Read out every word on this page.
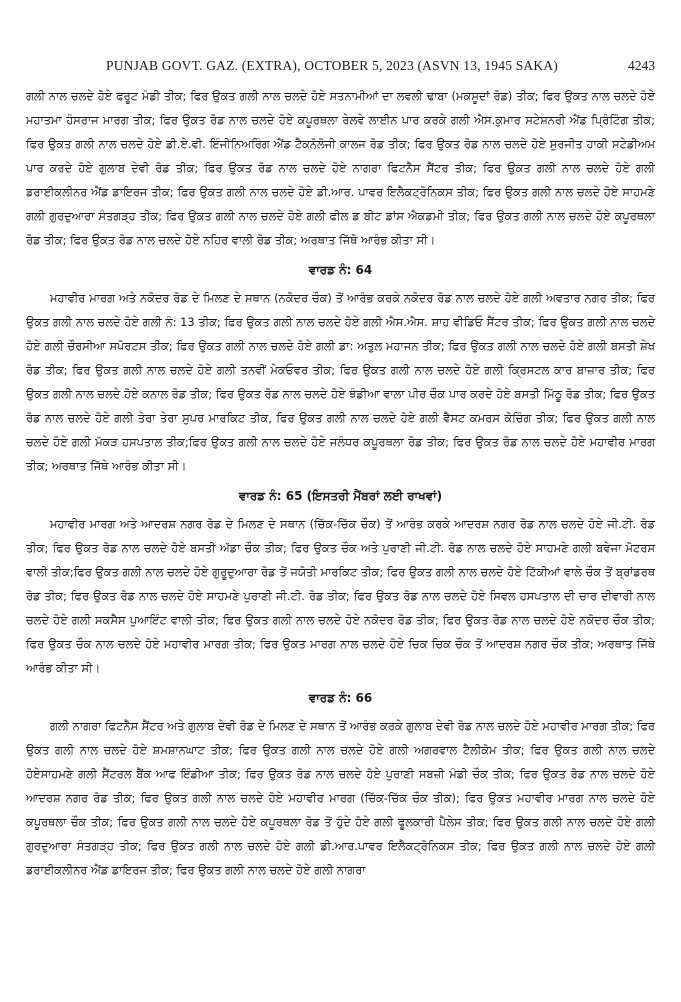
PUNJAB GOVT. GAZ. (EXTRA), OCTOBER 5, 2023 (ASVN 13, 1945 SAKA)	4243

ਗਲੀ ਨਾਲ ਚਲਦੇ ਹੋਏ ਫਰੂਟ ਮੰਡੀ ਤੀਕ; ਫਿਰ ਉਕਤ ਗਲੀ ਨਾਲ ਚਲਦੇ ਹੋਏ ਸਤਨਾਮੀਆਂ ਦਾ ਲਵਲੀ ਢਾਬਾ (ਮਕਸੂਦਾਂ ਰੋਡ) ਤੀਕ; ਫਿਰ ਉਕਤ ਨਾਲ ਚਲਦੇ ਹੋਏ ਮਹਾਤਮਾ ਹੰਸਰਾਜ ਮਾਰਗ ਤੀਕ; ਫਿਰ ਉਕਤ ਰੋਡ ਨਾਲ ਚਲਦੇ ਹੋਏ ਕਪੂਰਥਲਾ ਰੇਲਵੇ ਲਾਈਨ ਪਾਰ ਕਰਕੇ ਗਲੀ ਐਸ.ਕੁਮਾਰ ਸਟੇਸ਼ਨਰੀ ਐਂਡ ਪ੍ਰਿੰਟਿੰਗ ਤੀਕ; ਫਿਰ ਉਕਤ ਗਲੀ ਨਾਲ ਚਲਦੇ ਹੋਏ ਡੀ.ਏ.ਵੀ. ਇੰਜੀਨਿਅਰਿੰਗ ਐਂਡ ਟੈਕਨੋਲੋਜੀ ਕਾਲਜ ਰੋਡ ਤੀਕ; ਫਿਰ ਉਕਤ ਰੋਡ ਨਾਲ ਚਲਦੇ ਹੋਏ ਸੁਰਜੀਤ ਹਾਕੀ ਸਟੇਡੀਅਮ ਪਾਰ ਕਰਦੇ ਹੋਏ ਗੁਲਾਬ ਦੇਵੀ ਰੋਡ ਤੀਕ; ਫਿਰ ਉਕਤ ਰੋਡ ਨਾਲ ਚਲਦੇ ਹੋਏ ਨਾਗਰਾ ਫਿਟਨੈਸ ਸੈਂਟਰ ਤੀਕ; ਫਿਰ ਉਕਤ ਗਲੀ ਨਾਲ ਚਲਦੇ ਹੋਏ ਗਲੀ ਡਰਾਈਕਲੀਨਰ ਐਂਡ ਡਾਇਰਜ ਤੀਕ; ਫਿਰ ਉਕਤ ਗਲੀ ਨਾਲ ਚਲਦੇ ਹੋਏ ਡੀ.ਆਰ. ਪਾਵਰ ਇਲੈਕਟ੍ਰੋਨਿਕਸ ਤੀਕ; ਫਿਰ ਉਕਤ ਗਲੀ ਨਾਲ ਚਲਦੇ ਹੋਏ ਸਾਹਮਣੇ ਗਲੀ ਗੁਰਦੁਆਰਾ ਸੰਤਗੜ੍ਹ ਤੀਕ; ਫਿਰ ਉਕਤ ਗਲੀ ਨਾਲ ਚਲਦੇ ਹੋਏ ਗਲੀ ਫੀਲ ਡ ਬੀਟ ਡਾਂਸ ਐਕਡਮੀ ਤੀਕ; ਫਿਰ ਉਕਤ ਗਲੀ ਨਾਲ ਚਲਦੇ ਹੋਏ ਕਪੂਰਥਲਾ ਰੋਡ ਤੀਕ; ਫਿਰ ਉਕਤ ਰੋਡ ਨਾਲ ਚਲਦੇ ਹੋਏ ਨਹਿਰ ਵਾਲੀ ਰੋਡ ਤੀਕ; ਅਰਥਾਤ ਜਿੱਥੋ ਆਰੰਭ ਕੀਤਾ ਸੀ।

ਵਾਰਡ ਨੰ: 64

ਮਹਾਵੀਰ ਮਾਰਗ ਅਤੇ ਨਕੋਦਰ ਰੋਡ ਦੇ ਮਿਲਣ ਦੇ ਸਥਾਨ (ਨਕੋਦਰ ਚੌਕ) ਤੋਂ ਆਰੰਭ ਕਰਕੇ ਨਕੋਦਰ ਰੋਡ ਨਾਲ ਚਲਦੇ ਹੋਏ ਗਲੀ ਅਵਤਾਰ ਨਗਰ ਤੀਕ; ਫਿਰ ਉਕਤ ਗਲੀ ਨਾਲ ਚਲਦੇ ਹੋਏ ਗਲੀ ਨੰ: 13 ਤੀਕ; ਫਿਰ ਉਕਤ ਗਲੀ ਨਾਲ ਚਲਦੇ ਹੋਏ ਗਲੀ ਐਸ.ਐਸ. ਸ਼ਾਹ ਵੀਡਿਓ ਸੈਂਟਰ ਤੀਕ; ਫਿਰ ਉਕਤ ਗਲੀ ਨਾਲ ਚਲਦੇ ਹੋਏ ਗਲੀ ਚੌਰਸੀਆ ਸਪੋਰਟਸ ਤੀਕ; ਫਿਰ ਉਕਤ ਗਲੀ ਨਾਲ ਚਲਦੇ ਹੋਏ ਗਲੀ ਡਾ: ਅਤੁਲ ਮਹਾਜਨ ਤੀਕ; ਫਿਰ ਉਕਤ ਗਲੀ ਨਾਲ ਚਲਦੇ ਹੋਏ ਗਲੀ ਬਸਤੀ ਸ਼ੇਖ ਰੋਡ ਤੀਕ; ਫਿਰ ਉਕਤ ਗਲੀ ਨਾਲ ਚਲਦੇ ਹੋਏ ਗਲੀ ਤਨਵੀਂ ਮੇਕਓਵਰ ਤੀਕ; ਫਿਰ ਉਕਤ ਗਲੀ ਨਾਲ ਚਲਦੇ ਹੋਏ ਗਲੀ ਕ੍ਰਿਸਟਲ ਕਾਰ ਬਾਜ਼ਾਰ ਤੀਕ; ਫਿਰ ਉਕਤ ਗਲੀ ਨਾਲ ਚਲਦੇ ਹੋਏ ਕਨਾਲ ਰੋਡ ਤੀਕ; ਫਿਰ ਉਕਤ ਰੋਡ ਨਾਲ ਚਲਦੇ ਹੋਏ ਝੰਡੀਆ ਵਾਲਾ ਪੀਰ ਚੌਕ ਪਾਰ ਕਰਦੇ ਹੋਏ ਬਸਤੀ ਮਿੱਠੂ ਰੋਡ ਤੀਕ; ਫਿਰ ਉਕਤ ਰੋਡ ਨਾਲ ਚਲਦੇ ਹੋਏ ਗਲੀ ਤੇਰਾ ਤੇਰਾ ਸੁਪਰ ਮਾਰਕਿਟ ਤੀਕ, ਫਿਰ ਉਕਤ ਗਲੀ ਨਾਲ ਚਲਦੇ ਹੋਏ ਗਲੀ ਵੈਸਟ ਕਮਰਸ ਕੋਚਿੰਗ ਤੀਕ; ਫਿਰ ਉਕਤ ਗਲੀ ਨਾਲ ਚਲਦੇ ਹੋਏ ਗਲੀ ਮੱਕੜ ਹਸਪਤਾਲ ਤੀਕ;ਫਿਰ ਉਕਤ ਗਲੀ ਨਾਲ ਚਲਦੇ ਹੋਏ ਜਲੰਧਰ ਕਪੂਰਥਲਾ ਰੋਡ ਤੀਕ; ਫਿਰ ਉਕਤ ਰੋਡ ਨਾਲ ਚਲਦੇ ਹੋਏ ਮਹਾਵੀਰ ਮਾਰਗ ਤੀਕ; ਅਰਥਾਤ ਜਿੱਥੇ ਆਰੰਭ ਕੀਤਾ ਸੀ।

ਵਾਰਡ ਨੰ: 65 (ਇਸਤਰੀ ਮੈਂਬਰਾਂ ਲਈ ਰਾਖਵਾਂ)

ਮਹਾਵੀਰ ਮਾਰਗ ਅਤੇ ਆਦਰਸ਼ ਨਗਰ ਰੋਡ ਦੇ ਮਿਲਣ ਦੇ ਸਥਾਨ (ਚਿੱਕ-ਚਿੱਕ ਚੌਕ) ਤੋਂ ਆਰੰਭ ਕਰਕੇ ਆਦਰਸ਼ ਨਗਰ ਰੋਡ ਨਾਲ ਚਲਦੇ ਹੋਏ ਜੀ.ਟੀ. ਰੋਡ ਤੀਕ; ਫਿਰ ਉਕਤ ਰੋਡ ਨਾਲ ਚਲਦੇ ਹੋਏ ਬਸਤੀ ਅੱਡਾ ਚੌਕ ਤੀਕ; ਫਿਰ ਉਕਤ ਚੌਕ ਅਤੇ ਪੁਰਾਣੀ ਜੀ.ਟੀ. ਰੋਡ ਨਾਲ ਚਲਦੇ ਹੋਏ ਸਾਹਮਣੇ ਗਲੀ ਬਵੇਜਾ ਮੋਟਰਸ ਵਾਲੀ ਤੀਕ;ਫਿਰ ਉਕਤ ਗਲੀ ਨਾਲ ਚਲਦੇ ਹੋਏ ਗੁਰੂਦੁਆਰਾ ਰੋਡ ਤੋਂ ਜਯੋਤੀ ਮਾਰਕਿਟ ਤੀਕ; ਫਿਰ ਉਕਤ ਗਲੀ ਨਾਲ ਚਲਦੇ ਹੋਏ ਟਿੱਕੀਆਂ ਵਾਲੇ ਚੌਕ ਤੋਂ ਬ੍ਰਾਂਡਰਥ ਰੋਡ ਤੀਕ; ਫਿਰ ਉਕਤ ਰੋਡ ਨਾਲ ਚਲਦੇ ਹੋਏ ਸਾਹਮਣੇ ਪੁਰਾਣੀ ਜੀ.ਟੀ. ਰੋਡ ਤੀਕ; ਫਿਰ ਉਕਤ ਰੋਡ ਨਾਲ ਚਲਦੇ ਹੋਏ ਸਿਵਲ ਹਸਪਤਾਲ ਦੀ ਚਾਰ ਦੀਵਾਰੀ ਨਾਲ ਚਲਦੇ ਹੋਏ ਗਲੀ ਸਕਸੈਸ ਪੁਆਇੰਟ ਵਾਲੀ ਤੀਕ; ਫਿਰ ਉਕਤ ਗਲੀ ਨਾਲ ਚਲਦੇ ਹੋਏ ਨਕੋਦਰ ਰੋਡ ਤੀਕ; ਫਿਰ ਉਕਤ ਰੋਡ ਨਾਲ ਚਲਦੇ ਹੋਏ ਨਕੋਦਰ ਚੌਕ ਤੀਕ; ਫਿਰ ਉਕਤ ਚੌਕ ਨਾਲ ਚਲਦੇ ਹੋਏ ਮਹਾਵੀਰ ਮਾਰਗ ਤੀਕ; ਫਿਰ ਉਕਤ ਮਾਰਗ ਨਾਲ ਚਲਦੇ ਹੋਏ ਚਿਕ ਚਿਕ ਚੌਕ ਤੋਂ ਆਦਰਸ਼ ਨਗਰ ਚੌਕ ਤੀਕ; ਅਰਥਾਤ ਜਿੱਥੇ ਆਰੰਭ ਕੀਤਾ ਸੀ।

ਵਾਰਡ ਨੰ: 66

ਗਲੀ ਨਾਗਰਾ ਫਿਟਨੈਸ ਸੈਂਟਰ ਅਤੇ ਗੁਲਾਬ ਦੇਵੀ ਰੋਡ ਦੇ ਮਿਲਣ ਦੇ ਸਥਾਨ ਤੋਂ ਆਰੰਭ ਕਰਕੇ ਗੁਲਾਬ ਦੇਵੀ ਰੋਡ ਨਾਲ ਚਲਦੇ ਹੋਏ ਮਹਾਵੀਰ ਮਾਰਗ ਤੀਕ; ਫਿਰ ਉਕਤ ਗਲੀ ਨਾਲ ਚਲਦੇ ਹੋਏ ਸ਼ਮਸ਼ਾਨਘਾਟ ਤੀਕ; ਫਿਰ ਉਕਤ ਗਲੀ ਨਾਲ ਚਲਦੇ ਹੋਏ ਗਲੀ ਅਗਰਵਾਲ ਟੈਲੀਕੋਮ ਤੀਕ; ਫਿਰ ਉਕਤ ਗਲੀ ਨਾਲ ਚਲਦੇ ਹੋਏਸਾਹਮਣੇ ਗਲੀ ਸੈਂਟਰਲ ਬੈਂਕ ਆਫ ਇੰਡੀਆ ਤੀਕ; ਫਿਰ ਉਕਤ ਰੋਡ ਨਾਲ ਚਲਦੇ ਹੋਏ ਪੁਰਾਣੀ ਸਬਜ਼ੀ ਮੰਡੀ ਚੌਕ ਤੀਕ; ਫਿਰ ਉਕਤ ਰੋਡ ਨਾਲ ਚਲਦੇ ਹੋਏ ਆਦਰਸ਼ ਨਗਰ ਰੋਡ ਤੀਕ; ਫਿਰ ਉਕਤ ਗਲੀ ਨਾਲ ਚਲਦੇ ਹੋਏ ਮਹਾਵੀਰ ਮਾਰਗ (ਚਿੱਕ-ਚਿੱਕ ਚੌਕ ਤੀਕ); ਫਿਰ ਉਕਤ ਮਹਾਵੀਰ ਮਾਰਗ ਨਾਲ ਚਲਦੇ ਹੋਏ ਕਪੂਰਥਲਾ ਚੌਕ ਤੀਕ; ਫਿਰ ਉਕਤ ਗਲੀ ਨਾਲ ਚਲਦੇ ਹੋਏ ਕਪੂਰਥਲਾ ਰੋਡ ਤੋਂ ਹੁੰਦੇ ਹੋਏ ਗਲੀ ਫੂਲਕਾਰੀ ਪੈਲੇਸ ਤੀਕ; ਫਿਰ ਉਕਤ ਗਲੀ ਨਾਲ ਚਲਦੇ ਹੋਏ ਗਲੀ ਗੁਰਦੁਆਰਾ ਸੰਤਗੜ੍ਹ ਤੀਕ; ਫਿਰ ਉਕਤ ਗਲੀ ਨਾਲ ਚਲਦੇ ਹੋਏ ਗਲੀ ਡੀ.ਆਰ.ਪਾਵਰ ਇਲੈਕਟ੍ਰੋਨਿਕਸ ਤੀਕ; ਫਿਰ ਉਕਤ ਗਲੀ ਨਾਲ ਚਲਦੇ ਹੋਏ ਗਲੀ ਡਰਾਈਕਲੀਨਰ ਐਂਡ ਡਾਇਰਜ ਤੀਕ; ਫਿਰ ਉਕਤ ਗਲੀ ਨਾਲ ਚਲਦੇ ਹੋਏ ਗਲੀ ਨਾਗਰਾ
